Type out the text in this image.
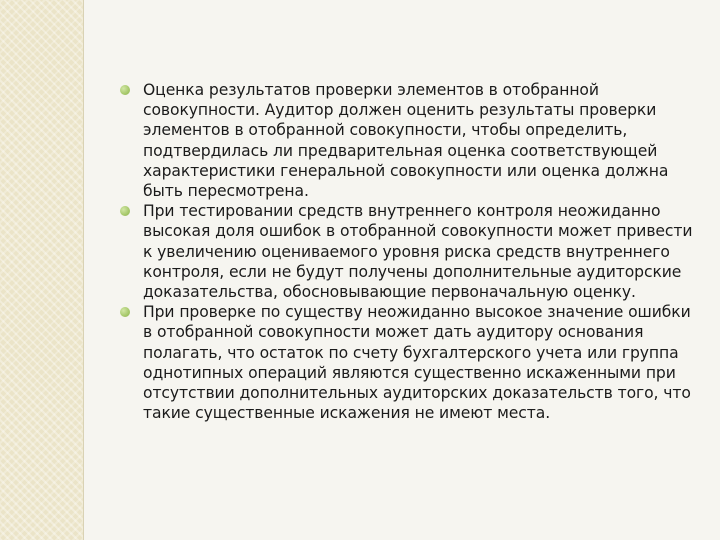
Оценка результатов проверки элементов в отобранной совокупности. Аудитор должен оценить результаты проверки элементов в отобранной совокупности, чтобы определить, подтвердилась ли предварительная оценка соответствующей характеристики генеральной совокупности или оценка должна быть пересмотрена.
При тестировании средств внутреннего контроля неожиданно высокая доля ошибок в отобранной совокупности может привести к увеличению оцениваемого уровня риска средств внутреннего контроля, если не будут получены дополнительные аудиторские доказательства, обосновывающие первоначальную оценку.
При проверке по существу неожиданно высокое значение ошибки в отобранной совокупности может дать аудитору основания полагать, что остаток по счету бухгалтерского учета или группа однотипных операций являются существенно искаженными при отсутствии дополнительных аудиторских доказательств того, что такие существенные искажения не имеют места.
